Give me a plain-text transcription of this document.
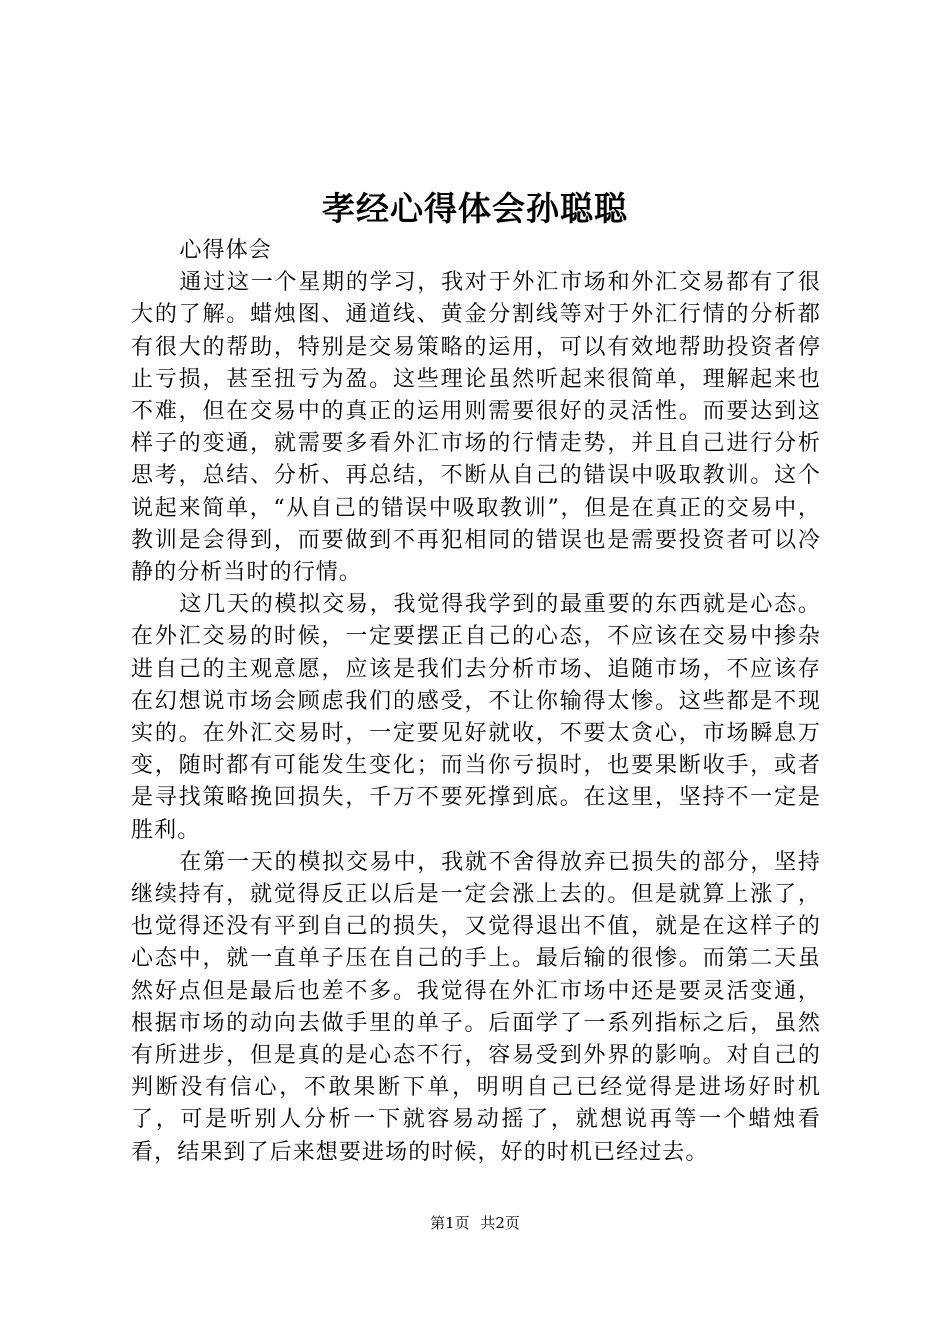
孝经心得体会孙聪聪

心得体会

通过这一个星期的学习，我对于外汇市场和外汇交易都有了很大的了解。蜡烛图、通道线、黄金分割线等对于外汇行情的分析都有很大的帮助，特别是交易策略的运用，可以有效地帮助投资者停止亏损，甚至扭亏为盈。这些理论虽然听起来很简单，理解起来也不难，但在交易中的真正的运用则需要很好的灵活性。而要达到这样子的变通，就需要多看外汇市场的行情走势，并且自己进行分析思考，总结、分析、再总结，不断从自己的错误中吸取教训。这个说起来简单，“从自己的错误中吸取教训”，但是在真正的交易中，教训是会得到，而要做到不再犯相同的错误也是需要投资者可以冷静的分析当时的行情。

这几天的模拟交易，我觉得我学到的最重要的东西就是心态。在外汇交易的时候，一定要摆正自己的心态，不应该在交易中掺杂进自己的主观意愿，应该是我们去分析市场、追随市场，不应该存在幻想说市场会顾虑我们的感受，不让你输得太惨。这些都是不现实的。在外汇交易时，一定要见好就收，不要太贪心，市场瞬息万变，随时都有可能发生变化；而当你亏损时，也要果断收手，或者是寻找策略挽回损失，千万不要死撑到底。在这里，坚持不一定是胜利。

在第一天的模拟交易中，我就不舍得放弃已损失的部分，坚持继续持有，就觉得反正以后是一定会涨上去的。但是就算上涨了，也觉得还没有平到自己的损失，又觉得退出不值，就是在这样子的心态中，就一直单子压在自己的手上。最后输的很惨。而第二天虽然好点但是最后也差不多。我觉得在外汇市场中还是要灵活变通，根据市场的动向去做手里的单子。后面学了一系列指标之后，虽然有所进步，但是真的是心态不行，容易受到外界的影响。对自己的判断没有信心，不敢果断下单，明明自己已经觉得是进场好时机了，可是听别人分析一下就容易动摇了，就想说再等一个蜡烛看看，结果到了后来想要进场的时候，好的时机已经过去。

第1页 共2页
